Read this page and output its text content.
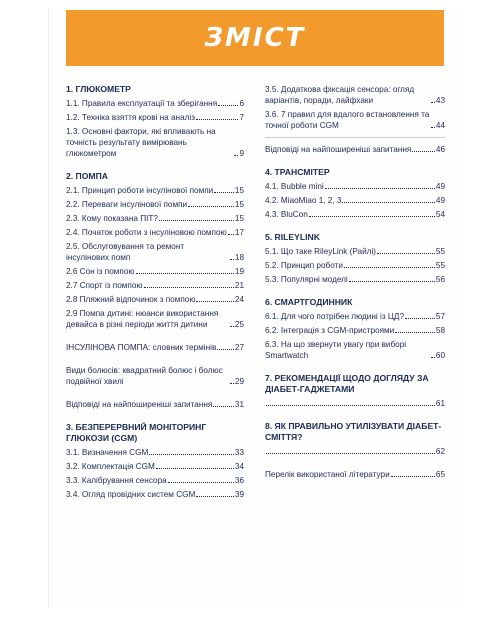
ЗМІСТ
1. ГЛЮКОМЕТР
1.1. Правила експлуатації та зберігання	6
1.2. Техніка взяття крові на аналіз	7
1.3. Основні фактори, які впливають на точність результату вимірювань глюкометром	9
2. ПОМПА
2.1. Принцип роботи інсулінової помпи	15
2.2. Переваги інсулінової помпи	15
2.3. Кому показана ПІТ?	15
2.4. Початок роботи з інсуліновою помпою 17
2.5. Обслуговування та ремонт інсулінових помп	18
2.6 Сон із помпою	19
2.7 Спорт із помпою	21
2.8 Пляжний відпочинок з помпою	24
2.9 Помпа дитині: нюанси використання девайса в різні періоди життя дитини	25
ІНСУЛІНОВА ПОМПА: словник термінів 27
Види болюсів: квадратний болюс і болюс подвійної хвилі	29
Відповіді на найпоширеніші запитання	31
3. БЕЗПЕРЕРВНИЙ МОНІТОРИНГ ГЛЮКОЗИ (CGM)
3.1. Визначення CGM	33
3.2. Комплектація CGM	34
3.3. Калібрування сенсора	36
3.4. Огляд провідних систем CGM	39
3.5. Додаткова фіксація сенсора: огляд варіантів, поради, лайфхаки	43
3.6. 7 правил для вдалого встановлення та точної роботи CGM	44
Відповіді на найпоширеніші запитання	46
4. ТРАНСМІТЕР
4.1. Bubble mini	49
4.2. MiaoMiao 1, 2, 3	49
4.3. BluCon	54
5. RILEYLINK
5.1. Що таке RileyLink (Райлі)	55
5.2. Принцип роботи	55
5.3. Популярні моделі	56
6. СМАРТГОДИННИК
6.1. Для чого потрібен людині із ЦД?	57
6.2. Інтеграція з CGM-пристроями	58
6.3. На що звернути увагу при виборі Smartwatch	60
7. РЕКОМЕНДАЦІЇ ЩОДО ДОГЛЯДУ ЗА ДІАБЕТ-ГАДЖЕТАМИ
61
8. ЯК ПРАВИЛЬНО УТИЛІЗУВАТИ ДІАБЕТ-СМІТТЯ?
62
Перелік використаної літератури	65
